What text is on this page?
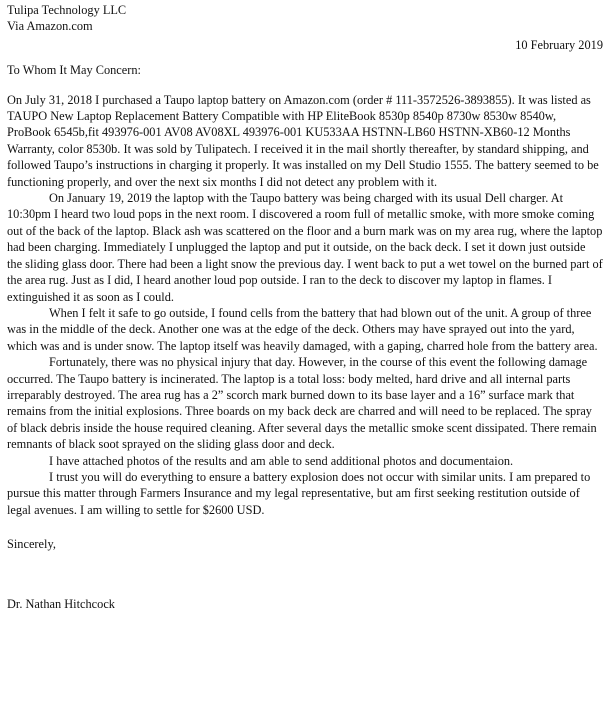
Tulipa Technology LLC
Via Amazon.com
10 February 2019
To Whom It May Concern:

On July 31, 2018 I purchased a Taupo laptop battery on Amazon.com (order # 111-3572526-3893855). It was listed as TAUPO New Laptop Replacement Battery Compatible with HP EliteBook 8530p 8540p 8730w 8530w 8540w, ProBook 6545b,fit 493976-001 AV08 AV08XL 493976-001 KU533AA HSTNN-LB60 HSTNN-XB60-12 Months Warranty, color 8530b. It was sold by Tulipatech. I received it in the mail shortly thereafter, by standard shipping, and followed Taupo’s instructions in charging it properly. It was installed on my Dell Studio 1555. The battery seemed to be functioning properly, and over the next six months I did not detect any problem with it.

On January 19, 2019 the laptop with the Taupo battery was being charged with its usual Dell charger. At 10:30pm I heard two loud pops in the next room. I discovered a room full of metallic smoke, with more smoke coming out of the back of the laptop. Black ash was scattered on the floor and a burn mark was on my area rug, where the laptop had been charging. Immediately I unplugged the laptop and put it outside, on the back deck. I set it down just outside the sliding glass door. There had been a light snow the previous day. I went back to put a wet towel on the burned part of the area rug. Just as I did, I heard another loud pop outside. I ran to the deck to discover my laptop in flames. I extinguished it as soon as I could.

When I felt it safe to go outside, I found cells from the battery that had blown out of the unit. A group of three was in the middle of the deck. Another one was at the edge of the deck. Others may have sprayed out into the yard, which was and is under snow. The laptop itself was heavily damaged, with a gaping, charred hole from the battery area.

Fortunately, there was no physical injury that day. However, in the course of this event the following damage occurred. The Taupo battery is incinerated. The laptop is a total loss: body melted, hard drive and all internal parts irreparably destroyed. The area rug has a 2” scorch mark burned down to its base layer and a 16” surface mark that remains from the initial explosions. Three boards on my back deck are charred and will need to be replaced. The spray of black debris inside the house required cleaning. After several days the metallic smoke scent dissipated. There remain remnants of black soot sprayed on the sliding glass door and deck.

I have attached photos of the results and am able to send additional photos and documentaion.

I trust you will do everything to ensure a battery explosion does not occur with similar units. I am prepared to pursue this matter through Farmers Insurance and my legal representative, but am first seeking restitution outside of legal avenues. I am willing to settle for $2600 USD.

Sincerely,
Dr. Nathan Hitchcock
